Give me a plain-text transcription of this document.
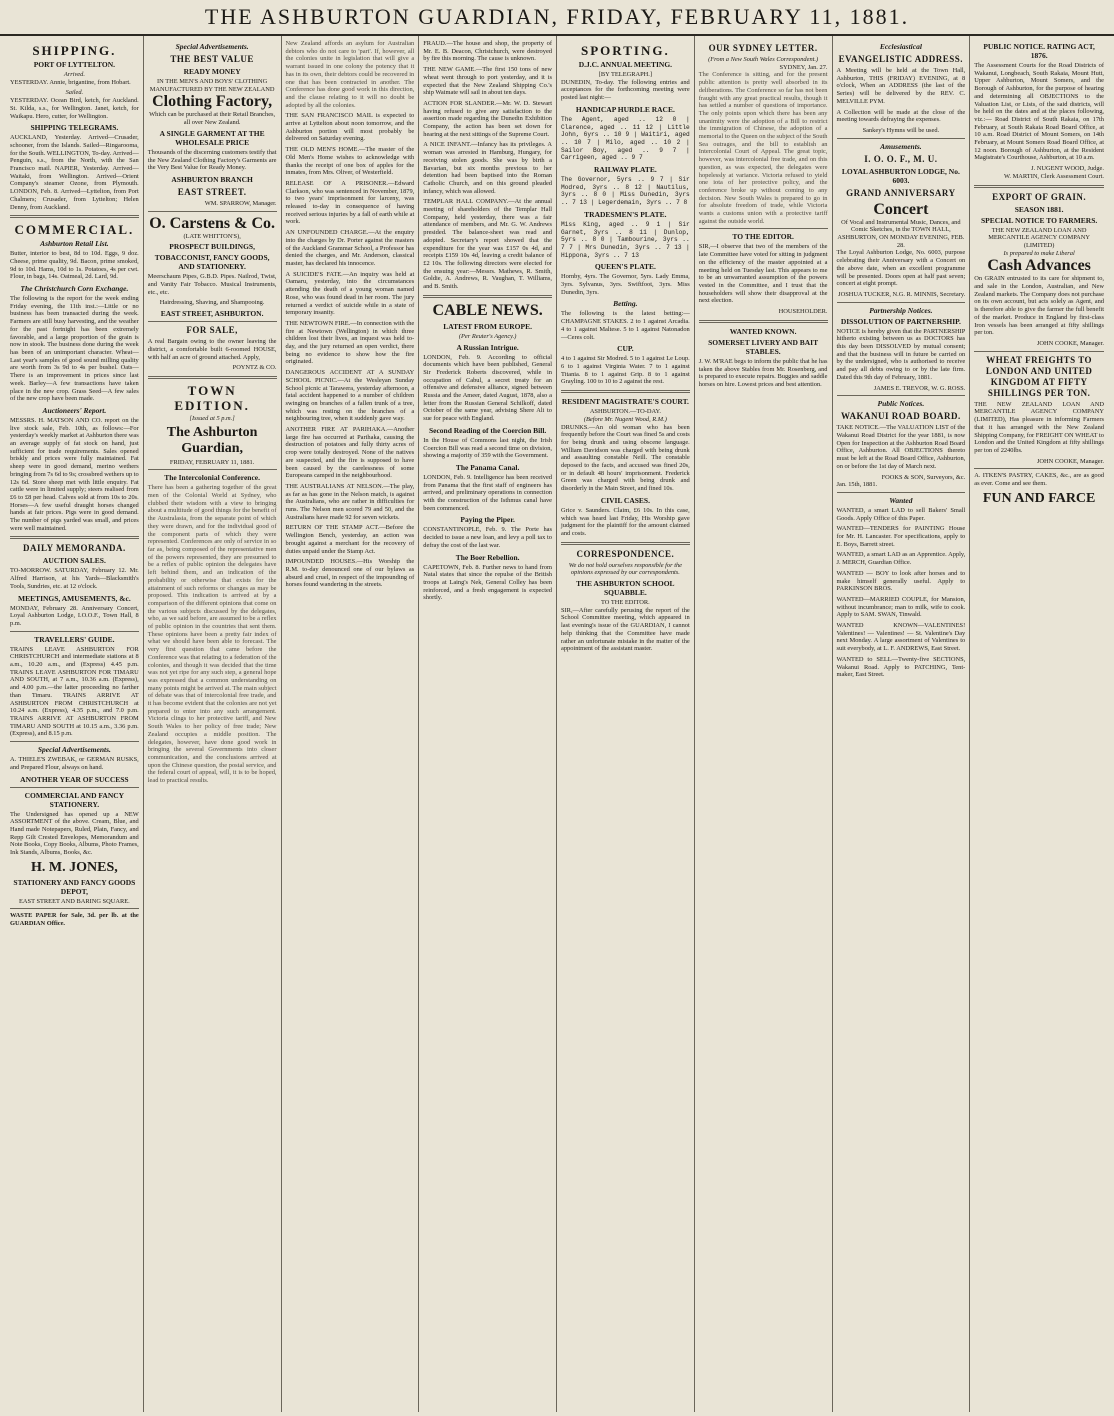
THE ASHBURTON GUARDIAN, FRIDAY, FEBRUARY 11, 1881.
SHIPPING.
PORT OF LYTTELTON.
Arrived.
YESTERDAY. Annie, brigantine, from Hobart.
Sailed.
YESTERDAY. Ocean Bird, ketch, for Auckland. St. Kilda, s.s., for Wellington. Janet, ketch, for Waikapu. Hero, cutter, for Wellington.
SHIPPING TELEGRAMS.
AUCKLAND, Yesterday. Arrived—Crusader, schooner, from the Islands. Sailed—Ringarooma, for the South. WELLINGTON, To-day. Arrived—Penguin, s.s., from the North, with the San Francisco mail. NAPIER, Yesterday. Arrived—Waitaki, from Wellington. Arrived—Orient Company's steamer Ozone, from Plymouth. LONDON, Feb. 8. Arrived—Lyttelton, from Port Chalmers; Crusader, from Lyttelton; Helen Denny, from Auckland.
COMMERCIAL.
Ashburton Retail List.
Butter, interior to best, 8d to 10d. Eggs, 9 doz. Cheese, prime quality, 9d. Bacon, prime smoked, 9d to 10d. Hams, 10d to 1s. Potatoes, 4s per cwt. Flour, in bags, 14s. Oatmeal, 2d. Lard, 9d.
The Christchurch Corn Exchange.
The following is the report for the week ending Friday evening, the 11th inst.:—Little or no business has been transacted during the week. Farmers are still busy harvesting, and the weather for the past fortnight has been extremely favorable, and a large proportion of the grain is now in stook. The business done during the week has been of an unimportant character. Wheat—Last year's samples of good sound milling quality are worth from 3s 9d to 4s per bushel. Oats—There is an improvement in prices since last week. Barley—A few transactions have taken place in the new crop. Grass Seed—A few sales of the new crop have been made.
Auctioneers' Report.
MESSRS. H. MATSON AND CO. report on the live stock sale, Feb. 10th, as follows:—For yesterday's weekly market at Ashburton there was an average supply of fat stock on hand, just sufficient for trade requirements. Sales opened briskly and prices were fully maintained. Fat sheep were in good demand, merino wethers bringing from 7s 6d to 9s; crossbred wethers up to 12s 6d. Store sheep met with little enquiry. Fat cattle were in limited supply; steers realised from £6 to £8 per head. Calves sold at from 10s to 20s. Horses—A few useful draught horses changed hands at fair prices. Pigs were in good demand. The number of pigs yarded was small, and prices were well maintained.
DAILY MEMORANDA.
AUCTION SALES.
TO-MORROW. SATURDAY, February 12. Mr. Alfred Harrison, at his Yards—Blacksmith's Tools, Sundries, etc. at 12 o'clock.
MEETINGS, AMUSEMENTS, &c.
MONDAY, February 28. Anniversary Concert, Loyal Ashburton Lodge, I.O.O.F., Town Hall, 8 p.m.
TRAVELLERS' GUIDE.
TRAINS LEAVE ASHBURTON FOR CHRISTCHURCH and intermediate stations at 8 a.m., 10.20 a.m., and (Express) 4.45 p.m. TRAINS LEAVE ASHBURTON FOR TIMARU AND SOUTH, at 7 a.m., 10.36 a.m. (Express), and 4.00 p.m.—the latter proceeding no farther than Timaru. TRAINS ARRIVE AT ASHBURTON FROM CHRISTCHURCH at 10.24 a.m. (Express), 4.35 p.m., and 7.0 p.m. TRAINS ARRIVE AT ASHBURTON FROM TIMARU AND SOUTH at 10.15 a.m., 3.36 p.m. (Express), and 8.15 p.m.
Special Advertisements.
A. THIELE'S ZWEBAK, or GERMAN RUSKS, and Prepared Flour, always on hand.
ANOTHER YEAR OF SUCCESS
COMMERCIAL AND FANCY STATIONERY.
The Undersigned has opened up a NEW ASSORTMENT of the above. Cream, Blue, and Hand made Notepapers, Ruled, Plain, Fancy, and Repp Gilt Crested Envelopes, Memorandum and Note Books, Copy Books, Albums, Photo Frames, Ink Stands, Albums, Books, &c.
H. M. JONES,
STATIONERY AND FANCY GOODS DEPOT,
EAST STREET AND BARING SQUARE.
WASTE PAPER for Sale, 3d. per lb. at the GUARDIAN Office.
Special Advertisements.
THE BEST VALUE
READY MONEY
IN THE MEN'S AND BOYS' CLOTHING MANUFACTURED BY THE NEW ZEALAND
Clothing Factory,
Which can be purchased at their Retail Branches, all over New Zealand.
A SINGLE GARMENT AT THE WHOLESALE PRICE
Thousands of the discerning customers testify that the New Zealand Clothing Factory's Garments are the Very Best Value for Ready Money.
ASHBURTON BRANCH
EAST STREET.
WM. SPARROW, Manager.
O. Carstens & Co.
(LATE WHITTON'S),
PROSPECT BUILDINGS,
TOBACCONIST, FANCY GOODS, AND STATIONERY.
Meerschaum Pipes, G.B.D. Pipes. Nailrod, Twist, and Vanity Fair Tobacco. Musical Instruments, etc., etc.
Hairdressing, Shaving, and Shampooing.
EAST STREET, ASHBURTON.
FOR SALE,
A real Bargain owing to the owner leaving the district, a comfortable built 6-roomed HOUSE, with half an acre of ground attached. Apply,
POYNTZ & CO.
TOWN EDITION.
[Issued at 5 p.m.]
The Ashburton Guardian,
FRIDAY, FEBRUARY 11, 1881.
The Intercolonial Conference.
There has been a gathering together of the great men of the Colonial World at Sydney, who clubbed their wisdom with a view to bringing about a multitude of good things for the benefit of the Australasia, from the separate point of which they were drawn, and for the individual good of the component parts of which they were represented. Conferences are only of service in so far as, being composed of the representative men of the powers represented, they are presumed to be a reflex of public opinion the delegates have left behind them, and an indication of the probability or otherwise that exists for the attainment of such reforms or changes as may be proposed. This indication is arrived at by a comparison of the different opinions that come on the various subjects discussed by the delegates, who, as we said before, are assumed to be a reflex of public opinion in the countries that sent them. These opinions have been a pretty fair index of what we should have been able to forecast. The very first question that came before the Conference was that relating to a federation of the colonies, and though it was decided that the time was not yet ripe for any such step, a general hope was expressed that a common understanding on many points might be arrived at. The main subject of debate was that of intercolonial free trade, and it has become evident that the colonies are not yet prepared to enter into any such arrangement. Victoria clings to her protective tariff, and New South Wales to her policy of free trade; New Zealand occupies a middle position. The delegates, however, have done good work in bringing the several Governments into closer communication, and the conclusions arrived at upon the Chinese question, the postal service, and the federal court of appeal, will, it is to be hoped, lead to practical results.
New Zealand affords an asylum for Australian debtors who do not care to 'part'. If, however, all the colonies unite in legislation that will give a warrant issued in one colony the potency that it has in its own, their debtors could be recovered in one that has been contracted in another. The Conference has done good work in this direction, and the clause relating to it will no doubt be adopted by all the colonies.
THE SAN FRANCISCO MAIL is expected to arrive at Lyttelton about noon tomorrow, and the Ashburton portion will most probably be delivered on Saturday evening.
THE OLD MEN'S HOME.—The master of the Old Men's Home wishes to acknowledge with thanks the receipt of one box of apples for the inmates, from Mrs. Oliver, of Westerfield.
RELEASE OF A PRISONER.—Edward Clarkson, who was sentenced in November, 1879, to two years' imprisonment for larceny, was released to-day in consequence of having received serious injuries by a fall of earth while at work.
AN UNFOUNDED CHARGE.—At the enquiry into the charges by Dr. Porter against the masters of the Auckland Grammar School, a Professor has denied the charges, and Mr. Anderson, classical master, has declared his innocence.
A SUICIDE'S FATE.—An inquiry was held at Oamaru, yesterday, into the circumstances attending the death of a young woman named Rose, who was found dead in her room. The jury returned a verdict of suicide while in a state of temporary insanity.
THE NEWTOWN FIRE.—In connection with the fire at Newtown (Wellington) in which three children lost their lives, an inquest was held to-day, and the jury returned an open verdict, there being no evidence to show how the fire originated.
DANGEROUS ACCIDENT AT A SUNDAY SCHOOL PICNIC.—At the Wesleyan Sunday School picnic at Tarawera, yesterday afternoon, a fatal accident happened to a number of children swinging on branches of a fallen trunk of a tree, which was resting on the branches of a neighbouring tree, when it suddenly gave way.
ANOTHER FIRE AT PARIHAKA.—Another large fire has occurred at Parihaka, causing the destruction of potatoes and fully thirty acres of crop were totally destroyed. None of the natives are suspected, and the fire is supposed to have been caused by the carelessness of some Europeans camped in the neighbourhood.
THE AUSTRALIANS AT NELSON.—The play, as far as has gone in the Nelson match, is against the Australians, who are rather in difficulties for runs. The Nelson men scored 79 and 50, and the Australians have made 92 for seven wickets.
RETURN OF THE STAMP ACT.—Before the Wellington Bench, yesterday, an action was brought against a merchant for the recovery of duties unpaid under the Stamp Act.
IMPOUNDED HOUSES.—His Worship the R.M. to-day denounced one of our bylaws as absurd and cruel, in respect of the impounding of horses found wandering in the streets.
FRAUD.—The house and shop, the property of Mr. E. B. Deacon, Christchurch, were destroyed by fire this morning. The cause is unknown.
THE NEW GAME.—The first 150 tons of new wheat went through to port yesterday, and it is expected that the New Zealand Shipping Co.'s ship Waimate will sail in about ten days.
ACTION FOR SLANDER.—Mr. W. D. Stewart having refused to give any satisfaction to the assertion made regarding the Dunedin Exhibition Company, the action has been set down for hearing at the next sittings of the Supreme Court.
A NICE INFANT.—Infancy has its privileges. A woman was arrested in Hamburg, Hungary, for receiving stolen goods. She was by birth a Bavarian, but six months previous to her detention had been baptised into the Roman Catholic Church, and on this ground pleaded infancy, which was allowed.
TEMPLAR HALL COMPANY.—At the annual meeting of shareholders of the Templar Hall Company, held yesterday, there was a fair attendance of members, and Mr. G. W. Andrews presided. The balance-sheet was read and adopted. Secretary's report showed that the expenditure for the year was £157 0s 4d, and receipts £159 10s 4d, leaving a credit balance of £2 10s. The following directors were elected for the ensuing year:—Messrs. Mathews, R. Smith, Goldie, A. Andrews, R. Vaughan, T. Williams, and B. Smith.
CABLE NEWS.
LATEST FROM EUROPE.
(Per Reuter's Agency.)
A Russian Intrigue.
LONDON, Feb. 9. According to official documents which have been published, General Sir Frederick Roberts discovered, while in occupation of Cabul, a secret treaty for an offensive and defensive alliance, signed between Russia and the Ameer, dated August, 1878, also a letter from the Russian General Schilkoff, dated October of the same year, advising Shere Ali to sue for peace with England.
Second Reading of the Coercion Bill.
In the House of Commons last night, the Irish Coercion Bill was read a second time on division, showing a majority of 359 with the Government.
The Panama Canal.
LONDON, Feb. 9. Intelligence has been received from Panama that the first staff of engineers has arrived, and preliminary operations in connection with the construction of the Isthmus canal have been commenced.
Paying the Piper.
CONSTANTINOPLE, Feb. 9. The Porte has decided to issue a new loan, and levy a poll tax to defray the cost of the last war.
The Boer Rebellion.
CAPETOWN, Feb. 8. Further news to hand from Natal states that since the repulse of the British troops at Laing's Nek, General Colley has been reinforced, and a fresh engagement is expected shortly.
SPORTING.
D.J.C. ANNUAL MEETING.
[BY TELEGRAPH.]
DUNEDIN, To-day. The following entries and acceptances for the forthcoming meeting were posted last night:—
HANDICAP HURDLE RACE.
The Agent, aged .. 12 0 | Clarence, aged .. 11 12 | Little John, 6yrs .. 10 9 | Waitiri, aged .. 10 7 | Milo, aged .. 10 2 | Sailor Boy, aged .. 9 7 | Carrigeen, aged .. 9 7
RAILWAY PLATE.
The Governor, 5yrs .. 9 7 | Sir Modred, 3yrs .. 8 12 | Nautilus, 3yrs .. 8 0 | Miss Dunedin, 3yrs .. 7 13 | Legerdemain, 3yrs .. 7 8
TRADESMEN'S PLATE.
Miss King, aged .. 9 1 | Sir Garnet, 3yrs .. 8 11 | Dunlop, 5yrs .. 8 0 | Tambourine, 3yrs .. 7 7 | Mrs Dunedin, 3yrs .. 7 13 | Hippona, 3yrs .. 7 13
QUEEN'S PLATE.
Hornby, 4yrs. The Governor, 5yrs. Lady Emma, 3yrs. Sylvanus, 3yrs. Swiftfoot, 3yrs. Miss Dunedin, 3yrs.
Betting.
The following is the latest betting:— CHAMPAGNE STAKES. 2 to 1 against Arcadia. 4 to 1 against Maltese. 5 to 1 against Natonadon—Ceres colt.
CUP.
4 to 1 against Sir Modred. 5 to 1 against Le Loup. 6 to 1 against Virginia Water. 7 to 1 against Titania. 8 to 1 against Grip. 8 to 1 against Grayling. 100 to 10 to 2 against the rest.
RESIDENT MAGISTRATE'S COURT.
ASHBURTON.—TO-DAY.
(Before Mr. Nugent Wood, R.M.)
DRUNKS.—An old woman who has been frequently before the Court was fined 5s and costs for being drunk and using obscene language. William Davidson was charged with being drunk and assaulting constable Neill. The constable deposed to the facts, and accused was fined 20s, or in default 48 hours' imprisonment. Frederick Green was charged with being drunk and disorderly in the Main Street, and fined 10s.
CIVIL CASES.
Grice v. Saunders. Claim, £6 10s. In this case, which was heard last Friday, His Worship gave judgment for the plaintiff for the amount claimed and costs.
CORRESPONDENCE.
We do not hold ourselves responsible for the opinions expressed by our correspondents.
THE ASHBURTON SCHOOL SQUABBLE.
TO THE EDITOR.
SIR,—After carefully perusing the report of the School Committee meeting, which appeared in last evening's issue of the GUARDIAN, I cannot help thinking that the Committee have made rather an unfortunate mistake in the matter of the appointment of the assistant master.
OUR SYDNEY LETTER.
(From a New South Wales Correspondent.)
SYDNEY, Jan. 27.
The Conference is sitting, and for the present public attention is pretty well absorbed in its deliberations. The Conference so far has not been fraught with any great practical results, though it has settled a number of questions of importance. The only points upon which there has been any unanimity were the adoption of a Bill to restrict the immigration of Chinese, the adoption of a memorial to the Queen on the subject of the South Sea outrages, and the bill to establish an Intercolonial Court of Appeal. The great topic, however, was intercolonial free trade, and on this question, as was expected, the delegates were hopelessly at variance. Victoria refused to yield one iota of her protective policy, and the conference broke up without coming to any decision. New South Wales is prepared to go in for absolute freedom of trade, while Victoria wants a customs union with a protective tariff against the outside world.
TO THE EDITOR.
SIR,—I observe that two of the members of the late Committee have voted for sitting in judgment on the efficiency of the master appointed at a meeting held on Tuesday last. This appears to me to be an unwarranted assumption of the powers vested in the Committee, and I trust that the householders will show their disapproval at the next election.
HOUSEHOLDER.
WANTED KNOWN.
SOMERSET LIVERY AND BAIT STABLES.
J. W. M'RAE begs to inform the public that he has taken the above Stables from Mr. Rosenberg, and is prepared to execute repairs. Buggies and saddle horses on hire. Lowest prices and best attention.
Ecclesiastical
EVANGELISTIC ADDRESS.
A Meeting will be held at the Town Hall, Ashburton, THIS (FRIDAY) EVENING, at 8 o'clock, When an ADDRESS (the last of the Series) will be delivered by the REV. C. MELVILLE PYM.
A Collection will be made at the close of the meeting towards defraying the expenses.
Sankey's Hymns will be used.
Amusements.
I. O. O. F., M. U.
LOYAL ASHBURTON LODGE, No. 6003.
GRAND ANNIVERSARY
Concert
Of Vocal and Instrumental Music, Dances, and Comic Sketches, in the TOWN HALL, ASHBURTON, ON MONDAY EVENING, FEB. 28.
The Loyal Ashburton Lodge, No. 6003, purpose celebrating their Anniversary with a Concert on the above date, when an excellent programme will be presented. Doors open at half past seven; concert at eight prompt.
JOSHUA TUCKER, N.G. R. MINNIS, Secretary.
Partnership Notices.
DISSOLUTION OF PARTNERSHIP.
NOTICE is hereby given that the PARTNERSHIP hitherto existing between us as DOCTORS has this day been DISSOLVED by mutual consent; and that the business will in future be carried on by the undersigned, who is authorised to receive and pay all debts owing to or by the late firm. Dated this 9th day of February, 1881.
JAMES E. TREVOR, W. G. ROSS.
Public Notices.
WAKANUI ROAD BOARD.
TAKE NOTICE.—The VALUATION LIST of the Wakanui Road District for the year 1881, is now Open for Inspection at the Ashburton Road Board Office, Ashburton. All OBJECTIONS thereto must be left at the Road Board Office, Ashburton, on or before the 1st day of March next.
FOOKS & SON, Surveyors, &c.
Jan. 15th, 1881.
Wanted
WANTED, a smart LAD to sell Bakers' Small Goods. Apply Office of this Paper.
WANTED—TENDERS for PAINTING House for Mr. H. Lancaster. For specifications, apply to E. Boys, Barrett street.
WANTED, a smart LAD as an Apprentice. Apply, J. MERCH, Guardian Office.
WANTED — BOY to look after horses and to make himself generally useful. Apply to PARKINSON BROS.
WANTED—MARRIED COUPLE, for Mansion, without incumbrance; man to milk, wife to cook. Apply to SAM. SWAN, Tinwald.
WANTED KNOWN—VALENTINES! Valentines! — Valentines! — St. Valentine's Day next Monday. A large assortment of Valentines to suit everybody, at L. F. ANDREWS, East Street.
WANTED to SELL—Twenty-five SECTIONS, Wakanui Road. Apply to PATCHING, Tent-maker, East Street.
PUBLIC NOTICE. RATING ACT, 1876.
The Assessment Courts for the Road Districts of Wakanui, Longbeach, South Rakaia, Mount Hutt, Upper Ashburton, Mount Somers, and the Borough of Ashburton, for the purpose of hearing and determining all OBJECTIONS to the Valuation List, or Lists, of the said districts, will be held on the dates and at the places following, viz.:— Road District of South Rakaia, on 17th February, at South Rakaia Road Board Office, at 10 a.m. Road District of Mount Somers, on 14th February, at Mount Somers Road Board Office, at 12 noon. Borough of Ashburton, at the Resident Magistrate's Courthouse, Ashburton, at 10 a.m.
J. NUGENT WOOD, Judge.
W. MARTIN, Clerk Assessment Court.
EXPORT OF GRAIN.
SEASON 1881.
SPECIAL NOTICE TO FARMERS.
THE NEW ZEALAND LOAN AND MERCANTILE AGENCY COMPANY (LIMITED)
Is prepared to make Liberal
Cash Advances
On GRAIN entrusted to its care for shipment to, and sale in the London, Australian, and New Zealand markets. The Company does not purchase on its own account, but acts solely as Agent, and is therefore able to give the farmer the full benefit of the market. Produce in England by first-class Iron vessels has been arranged at fifty shillings per ton.
JOHN COOKE, Manager.
WHEAT FREIGHTS TO LONDON AND UNITED KINGDOM AT FIFTY SHILLINGS PER TON.
THE NEW ZEALAND LOAN AND MERCANTILE AGENCY COMPANY (LIMITED), Has pleasure in informing Farmers that it has arranged with the New Zealand Shipping Company, for FREIGHT ON WHEAT to London and the United Kingdom at fifty shillings per ton of 2240lbs.
JOHN COOKE, Manager.
A. ITKEN'S PASTRY, CAKES, &c., are as good as ever. Come and see them.
FUN AND FARCE
